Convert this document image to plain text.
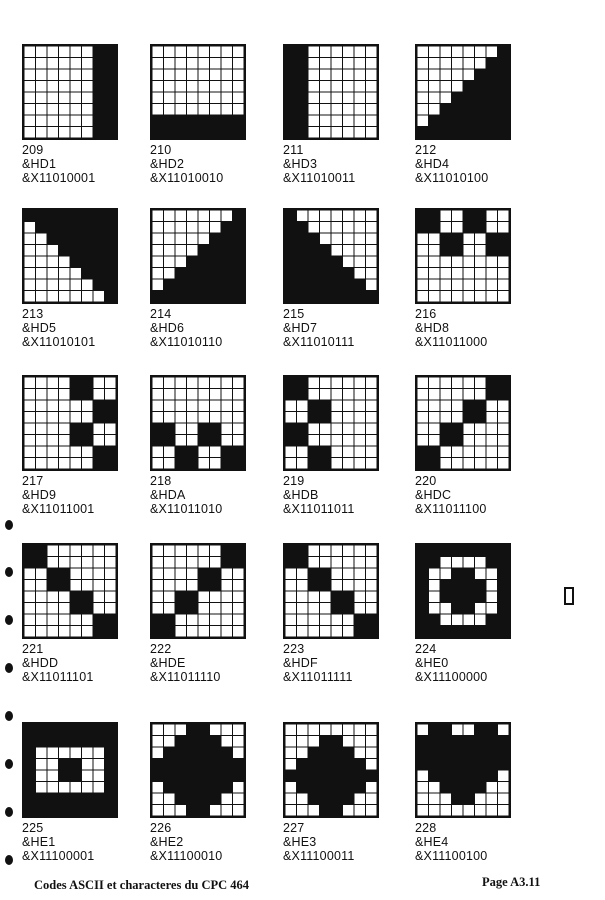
209
&HD1
&X11010001
210
&HD2
&X11010010
211
&HD3
&X11010011
212
&HD4
&X11010100
213
&HD5
&X11010101
214
&HD6
&X11010110
215
&HD7
&X11010111
216
&HD8
&X11011000
217
&HD9
&X11011001
218
&HDA
&X11011010
219
&HDB
&X11011011
220
&HDC
&X11011100
221
&HDD
&X11011101
222
&HDE
&X11011110
223
&HDF
&X11011111
224
&HE0
&X11100000
225
&HE1
&X11100001
226
&HE2
&X11100010
227
&HE3
&X11100011
228
&HE4
&X11100100
Codes ASCII et characteres du CPC 464	Page A3.11
